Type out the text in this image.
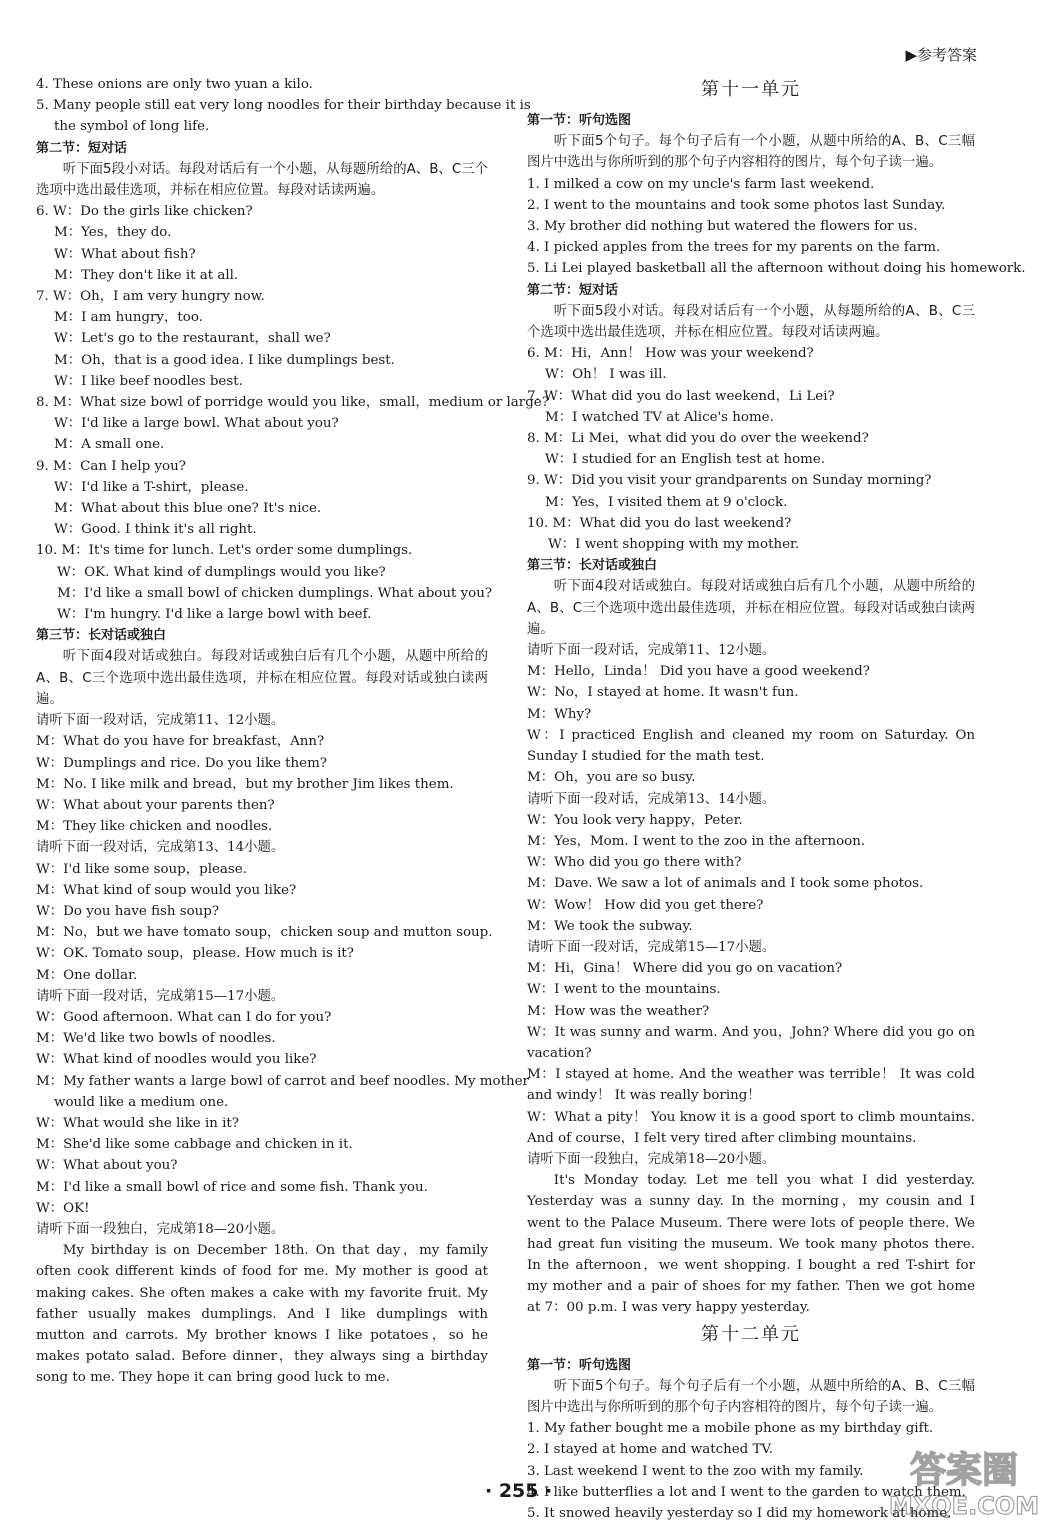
▶参考答案
4. These onions are only two yuan a kilo.
5. Many people still eat very long noodles for their birthday because it is
the symbol of long life.
第二节：短对话
听下面5段小对话。每段对话后有一个小题，从每题所给的A、B、C三个选项中选出最佳选项，并标在相应位置。每段对话读两遍。
6. W：Do the girls like chicken?
M：Yes，they do.
W：What about fish?
M：They don't like it at all.
7. W：Oh，I am very hungry now.
M：I am hungry，too.
W：Let's go to the restaurant，shall we?
M：Oh，that is a good idea. I like dumplings best.
W：I like beef noodles best.
8. M：What size bowl of porridge would you like，small，medium or large?
W：I'd like a large bowl. What about you?
M：A small one.
9. M：Can I help you?
W：I'd like a T-shirt，please.
M：What about this blue one? It's nice.
W：Good. I think it's all right.
10. M：It's time for lunch. Let's order some dumplings.
W：OK. What kind of dumplings would you like?
M：I'd like a small bowl of chicken dumplings. What about you?
W：I'm hungry. I'd like a large bowl with beef.
第三节：长对话或独白
听下面4段对话或独白。每段对话或独白后有几个小题，从题中所给的A、B、C三个选项中选出最佳选项，并标在相应位置。每段对话或独白读两遍。
请听下面一段对话，完成第11、12小题。
M：What do you have for breakfast，Ann?
W：Dumplings and rice. Do you like them?
M：No. I like milk and bread，but my brother Jim likes them.
W：What about your parents then?
M：They like chicken and noodles.
请听下面一段对话，完成第13、14小题。
W：I'd like some soup，please.
M：What kind of soup would you like?
W：Do you have fish soup?
M：No，but we have tomato soup，chicken soup and mutton soup.
W：OK. Tomato soup，please. How much is it?
M：One dollar.
请听下面一段对话，完成第15—17小题。
W：Good afternoon. What can I do for you?
M：We'd like two bowls of noodles.
W：What kind of noodles would you like?
M：My father wants a large bowl of carrot and beef noodles. My mother
would like a medium one.
W：What would she like in it?
M：She'd like some cabbage and chicken in it.
W：What about you?
M：I'd like a small bowl of rice and some fish. Thank you.
W：OK!
请听下面一段独白，完成第18—20小题。
My birthday is on December 18th. On that day，my family often cook different kinds of food for me. My mother is good at making cakes. She often makes a cake with my favorite fruit. My father usually makes dumplings. And I like dumplings with mutton and carrots. My brother knows I like potatoes，so he makes potato salad. Before dinner，they always sing a birthday song to me. They hope it can bring good luck to me.
第十一单元
第一节：听句选图
听下面5个句子。每个句子后有一个小题，从题中所给的A、B、C三幅图片中选出与你所听到的那个句子内容相符的图片，每个句子读一遍。
1. I milked a cow on my uncle's farm last weekend.
2. I went to the mountains and took some photos last Sunday.
3. My brother did nothing but watered the flowers for us.
4. I picked apples from the trees for my parents on the farm.
5. Li Lei played basketball all the afternoon without doing his homework.
第二节：短对话
听下面5段小对话。每段对话后有一个小题，从每题所给的A、B、C三个选项中选出最佳选项，并标在相应位置。每段对话读两遍。
6. M：Hi，Ann！ How was your weekend?
W：Oh！ I was ill.
7. W：What did you do last weekend，Li Lei?
M：I watched TV at Alice's home.
8. M：Li Mei，what did you do over the weekend?
W：I studied for an English test at home.
9. W：Did you visit your grandparents on Sunday morning?
M：Yes，I visited them at 9 o'clock.
10. M：What did you do last weekend?
W：I went shopping with my mother.
第三节：长对话或独白
听下面4段对话或独白。每段对话或独白后有几个小题，从题中所给的A、B、C三个选项中选出最佳选项，并标在相应位置。每段对话或独白读两遍。
请听下面一段对话，完成第11、12小题。
M：Hello，Linda！ Did you have a good weekend?
W：No，I stayed at home. It wasn't fun.
M：Why?
W：I practiced English and cleaned my room on Saturday. On Sunday I studied for the math test.
M：Oh，you are so busy.
请听下面一段对话，完成第13、14小题。
W：You look very happy，Peter.
M：Yes，Mom. I went to the zoo in the afternoon.
W：Who did you go there with?
M：Dave. We saw a lot of animals and I took some photos.
W：Wow！ How did you get there?
M：We took the subway.
请听下面一段对话，完成第15—17小题。
M：Hi，Gina！ Where did you go on vacation?
W：I went to the mountains.
M：How was the weather?
W：It was sunny and warm. And you，John? Where did you go on vacation?
M：I stayed at home. And the weather was terrible！ It was cold and windy！ It was really boring！
W：What a pity！ You know it is a good sport to climb mountains. And of course，I felt very tired after climbing mountains.
请听下面一段独白，完成第18—20小题。
It's Monday today. Let me tell you what I did yesterday. Yesterday was a sunny day. In the morning，my cousin and I went to the Palace Museum. There were lots of people there. We had great fun visiting the museum. We took many photos there. In the afternoon，we went shopping. I bought a red T-shirt for my mother and a pair of shoes for my father. Then we got home at 7：00 p.m. I was very happy yesterday.
第十二单元
第一节：听句选图
听下面5个句子。每个句子后有一个小题，从题中所给的A、B、C三幅图片中选出与你所听到的那个句子内容相符的图片，每个句子读一遍。
1. My father bought me a mobile phone as my birthday gift.
2. I stayed at home and watched TV.
3. Last weekend I went to the zoo with my family.
4. I like butterflies a lot and I went to the garden to watch them.
5. It snowed heavily yesterday so I did my homework at home.
· 255 ·	答案圈
MXQE.COM
